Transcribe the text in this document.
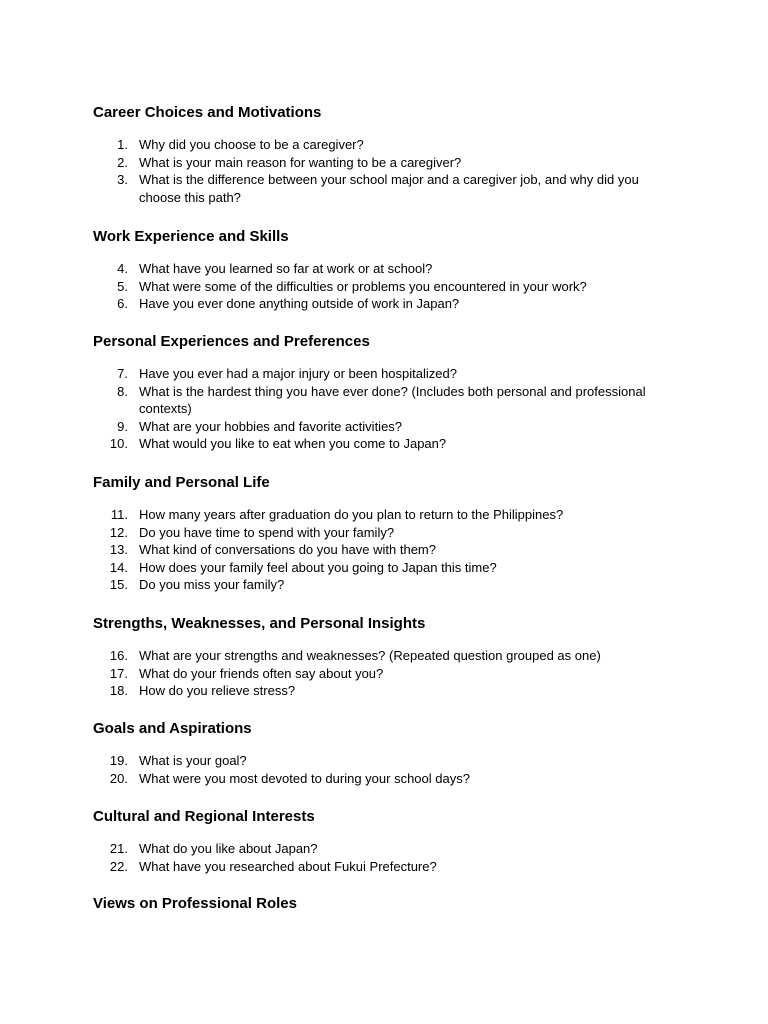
Career Choices and Motivations
1. Why did you choose to be a caregiver?
2. What is your main reason for wanting to be a caregiver?
3. What is the difference between your school major and a caregiver job, and why did you choose this path?
Work Experience and Skills
4. What have you learned so far at work or at school?
5. What were some of the difficulties or problems you encountered in your work?
6. Have you ever done anything outside of work in Japan?
Personal Experiences and Preferences
7. Have you ever had a major injury or been hospitalized?
8. What is the hardest thing you have ever done? (Includes both personal and professional contexts)
9. What are your hobbies and favorite activities?
10. What would you like to eat when you come to Japan?
Family and Personal Life
11. How many years after graduation do you plan to return to the Philippines?
12. Do you have time to spend with your family?
13. What kind of conversations do you have with them?
14. How does your family feel about you going to Japan this time?
15. Do you miss your family?
Strengths, Weaknesses, and Personal Insights
16. What are your strengths and weaknesses? (Repeated question grouped as one)
17. What do your friends often say about you?
18. How do you relieve stress?
Goals and Aspirations
19. What is your goal?
20. What were you most devoted to during your school days?
Cultural and Regional Interests
21. What do you like about Japan?
22. What have you researched about Fukui Prefecture?
Views on Professional Roles
